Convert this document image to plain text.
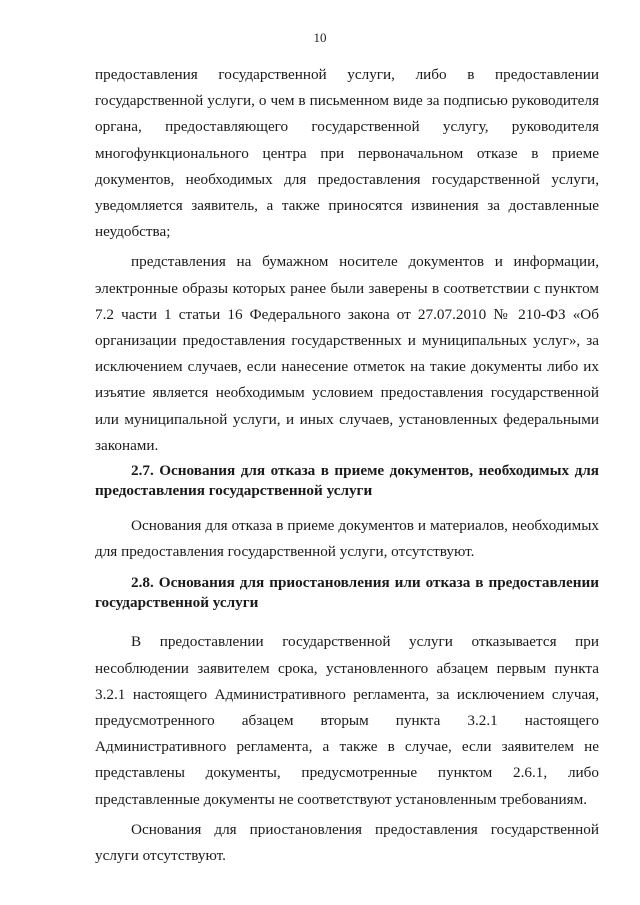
10

предоставления государственной услуги, либо в предоставлении государственной услуги, о чем в письменном виде за подписью руководителя органа, предоставляющего государственной услугу, руководителя многофункционального центра при первоначальном отказе в приеме документов, необходимых для предоставления государственной услуги, уведомляется заявитель, а также приносятся извинения за доставленные неудобства;

представления на бумажном носителе документов и информации, электронные образы которых ранее были заверены в соответствии с пунктом 7.2 части 1 статьи 16 Федерального закона от 27.07.2010 № 210-ФЗ «Об организации предоставления государственных и муниципальных услуг», за исключением случаев, если нанесение отметок на такие документы либо их изъятие является необходимым условием предоставления государственной или муниципальной услуги, и иных случаев, установленных федеральными законами.

2.7. Основания для отказа в приеме документов, необходимых для предоставления государственной услуги

Основания для отказа в приеме документов и материалов, необходимых для предоставления государственной услуги, отсутствуют.

2.8. Основания для приостановления или отказа в предоставлении государственной услуги

В предоставлении государственной услуги отказывается при несоблюдении заявителем срока, установленного абзацем первым пункта 3.2.1 настоящего Административного регламента, за исключением случая, предусмотренного абзацем вторым пункта 3.2.1 настоящего Административного регламента, а также в случае, если заявителем не представлены документы, предусмотренные пунктом 2.6.1, либо представленные документы не соответствуют установленным требованиям.

Основания для приостановления предоставления государственной услуги отсутствуют.
